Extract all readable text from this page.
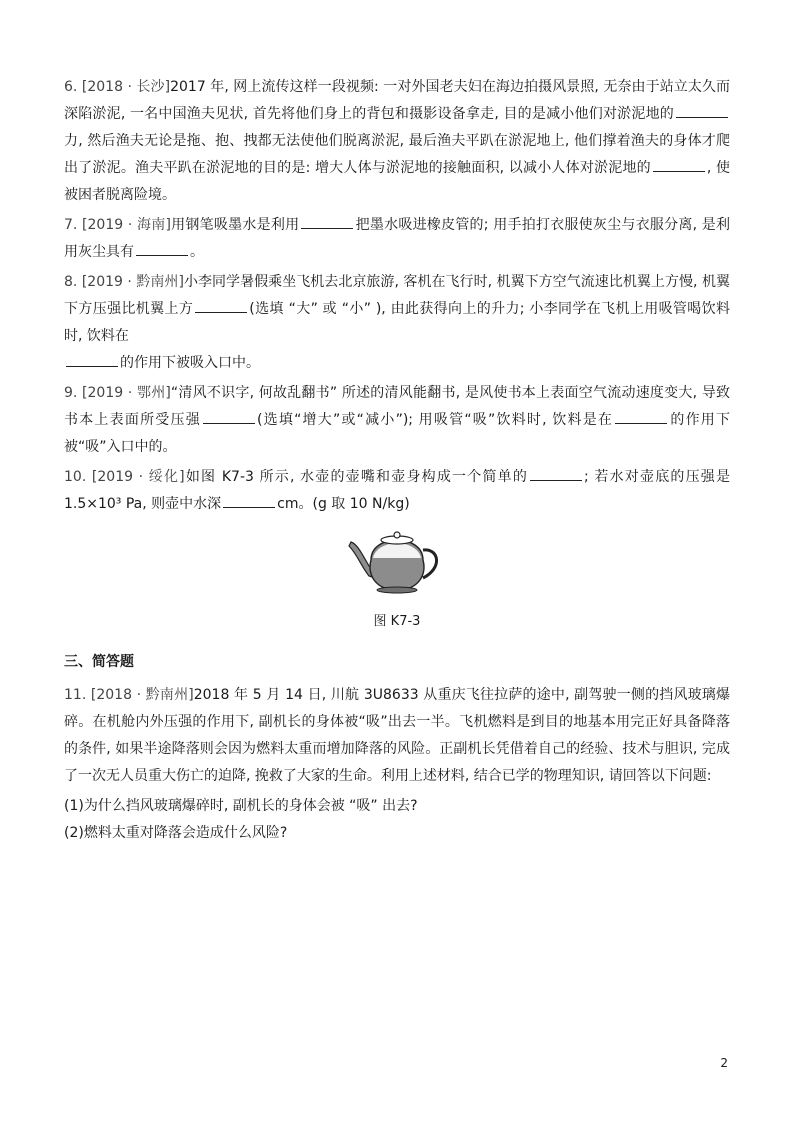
6. [2018 · 长沙]2017 年, 网上流传这样一段视频: 一对外国老夫妇在海边拍摄风景照, 无奈由于站立太久而深陷淤泥, 一名中国渔夫见状, 首先将他们身上的背包和摄影设备拿走, 目的是减小他们对淤泥地的力, 然后渔夫无论是拖、抱、拽都无法使他们脱离淤泥, 最后渔夫平趴在淤泥地上, 他们撑着渔夫的身体才爬出了淤泥。渔夫平趴在淤泥地的目的是: 增大人体与淤泥地的接触面积, 以减小人体对淤泥地的	, 使被困者脱离险境。

7. [2019 · 海南]用钢笔吸墨水是利用	把墨水吸进橡皮管的; 用手拍打衣服使灰尘与衣服分离, 是利用灰尘具有	。

8. [2019 · 黔南州]小李同学暑假乘坐飞机去北京旅游, 客机在飞行时, 机翼下方空气流速比机翼上方慢, 机翼下方压强比机翼上方	(选填 “大” 或 “小” ), 由此获得向上的升力; 小李同学在飞机上用吸管喝饮料时, 饮料在
的作用下被吸入口中。

9. [2019 · 鄂州]“清风不识字, 何故乱翻书” 所述的清风能翻书, 是风使书本上表面空气流动速度变大, 导致书本上表面所受压强	(选填“增大”或“减小”); 用吸管“吸”饮料时, 饮料是在	的作用下被“吸”入口中的。

10. [2019 · 绥化]如图 K7-3 所示, 水壶的壶嘴和壶身构成一个简单的	; 若水对壶底的压强是 1.5×10³ Pa, 则壶中水深	cm。(g 取 10 N/kg)

图 K7-3
三、简答题

11. [2018 · 黔南州]2018 年 5 月 14 日, 川航 3U8633 从重庆飞往拉萨的途中, 副驾驶一侧的挡风玻璃爆碎。在机舱内外压强的作用下, 副机长的身体被“吸”出去一半。飞机燃料是到目的地基本用完正好具备降落的条件, 如果半途降落则会因为燃料太重而增加降落的风险。正副机长凭借着自己的经验、技术与胆识, 完成了一次无人员重大伤亡的迫降, 挽救了大家的生命。利用上述材料, 结合已学的物理知识, 请回答以下问题:

(1)为什么挡风玻璃爆碎时, 副机长的身体会被 “吸” 出去?

(2)燃料太重对降落会造成什么风险?

2
